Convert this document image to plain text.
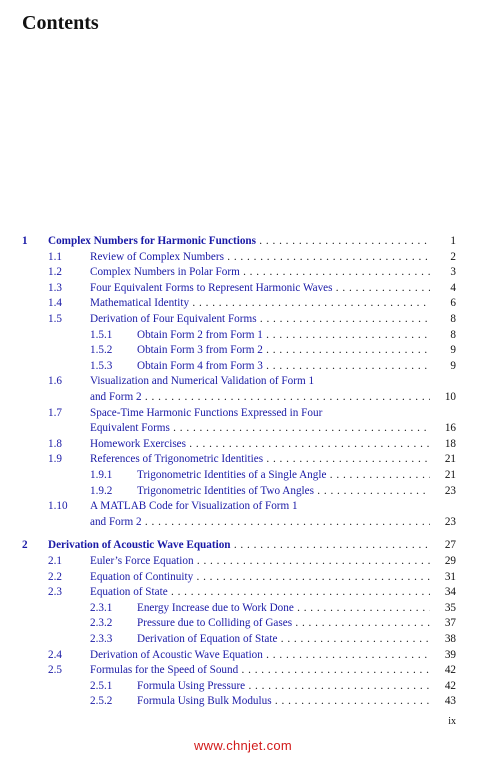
Contents
1 Complex Numbers for Harmonic Functions . . .	1
1.1	Review of Complex Numbers . . .	2
1.2	Complex Numbers in Polar Form . . .	3
1.3	Four Equivalent Forms to Represent Harmonic Waves . . .	4
1.4	Mathematical Identity . . .	6
1.5	Derivation of Four Equivalent Forms . . .	8
1.5.1 Obtain Form 2 from Form 1 . . .	8
1.5.2 Obtain Form 3 from Form 2 . . .	9
1.5.3 Obtain Form 4 from Form 3 . . .	9
1.6	Visualization and Numerical Validation of Form 1
and Form 2 . . .	10
1.7	Space-Time Harmonic Functions Expressed in Four
Equivalent Forms . . .	16
1.8	Homework Exercises . . .	18
1.9	References of Trigonometric Identities . . .	21
1.9.1 Trigonometric Identities of a Single Angle . . .	21
1.9.2 Trigonometric Identities of Two Angles . . .	23
1.10 A MATLAB Code for Visualization of Form 1
and Form 2 . . .	23
2 Derivation of Acoustic Wave Equation . . .	27
2.1	Euler’s Force Equation . . .	29
2.2	Equation of Continuity . . .	31
2.3	Equation of State . . .	34
2.3.1 Energy Increase due to Work Done . . .	35
2.3.2 Pressure due to Colliding of Gases . . .	37
2.3.3 Derivation of Equation of State . . .	38
2.4	Derivation of Acoustic Wave Equation . . .	39
2.5	Formulas for the Speed of Sound . . .	42
2.5.1 Formula Using Pressure . . .	42
2.5.2 Formula Using Bulk Modulus . . .	43
ix
www.chnjet.com
